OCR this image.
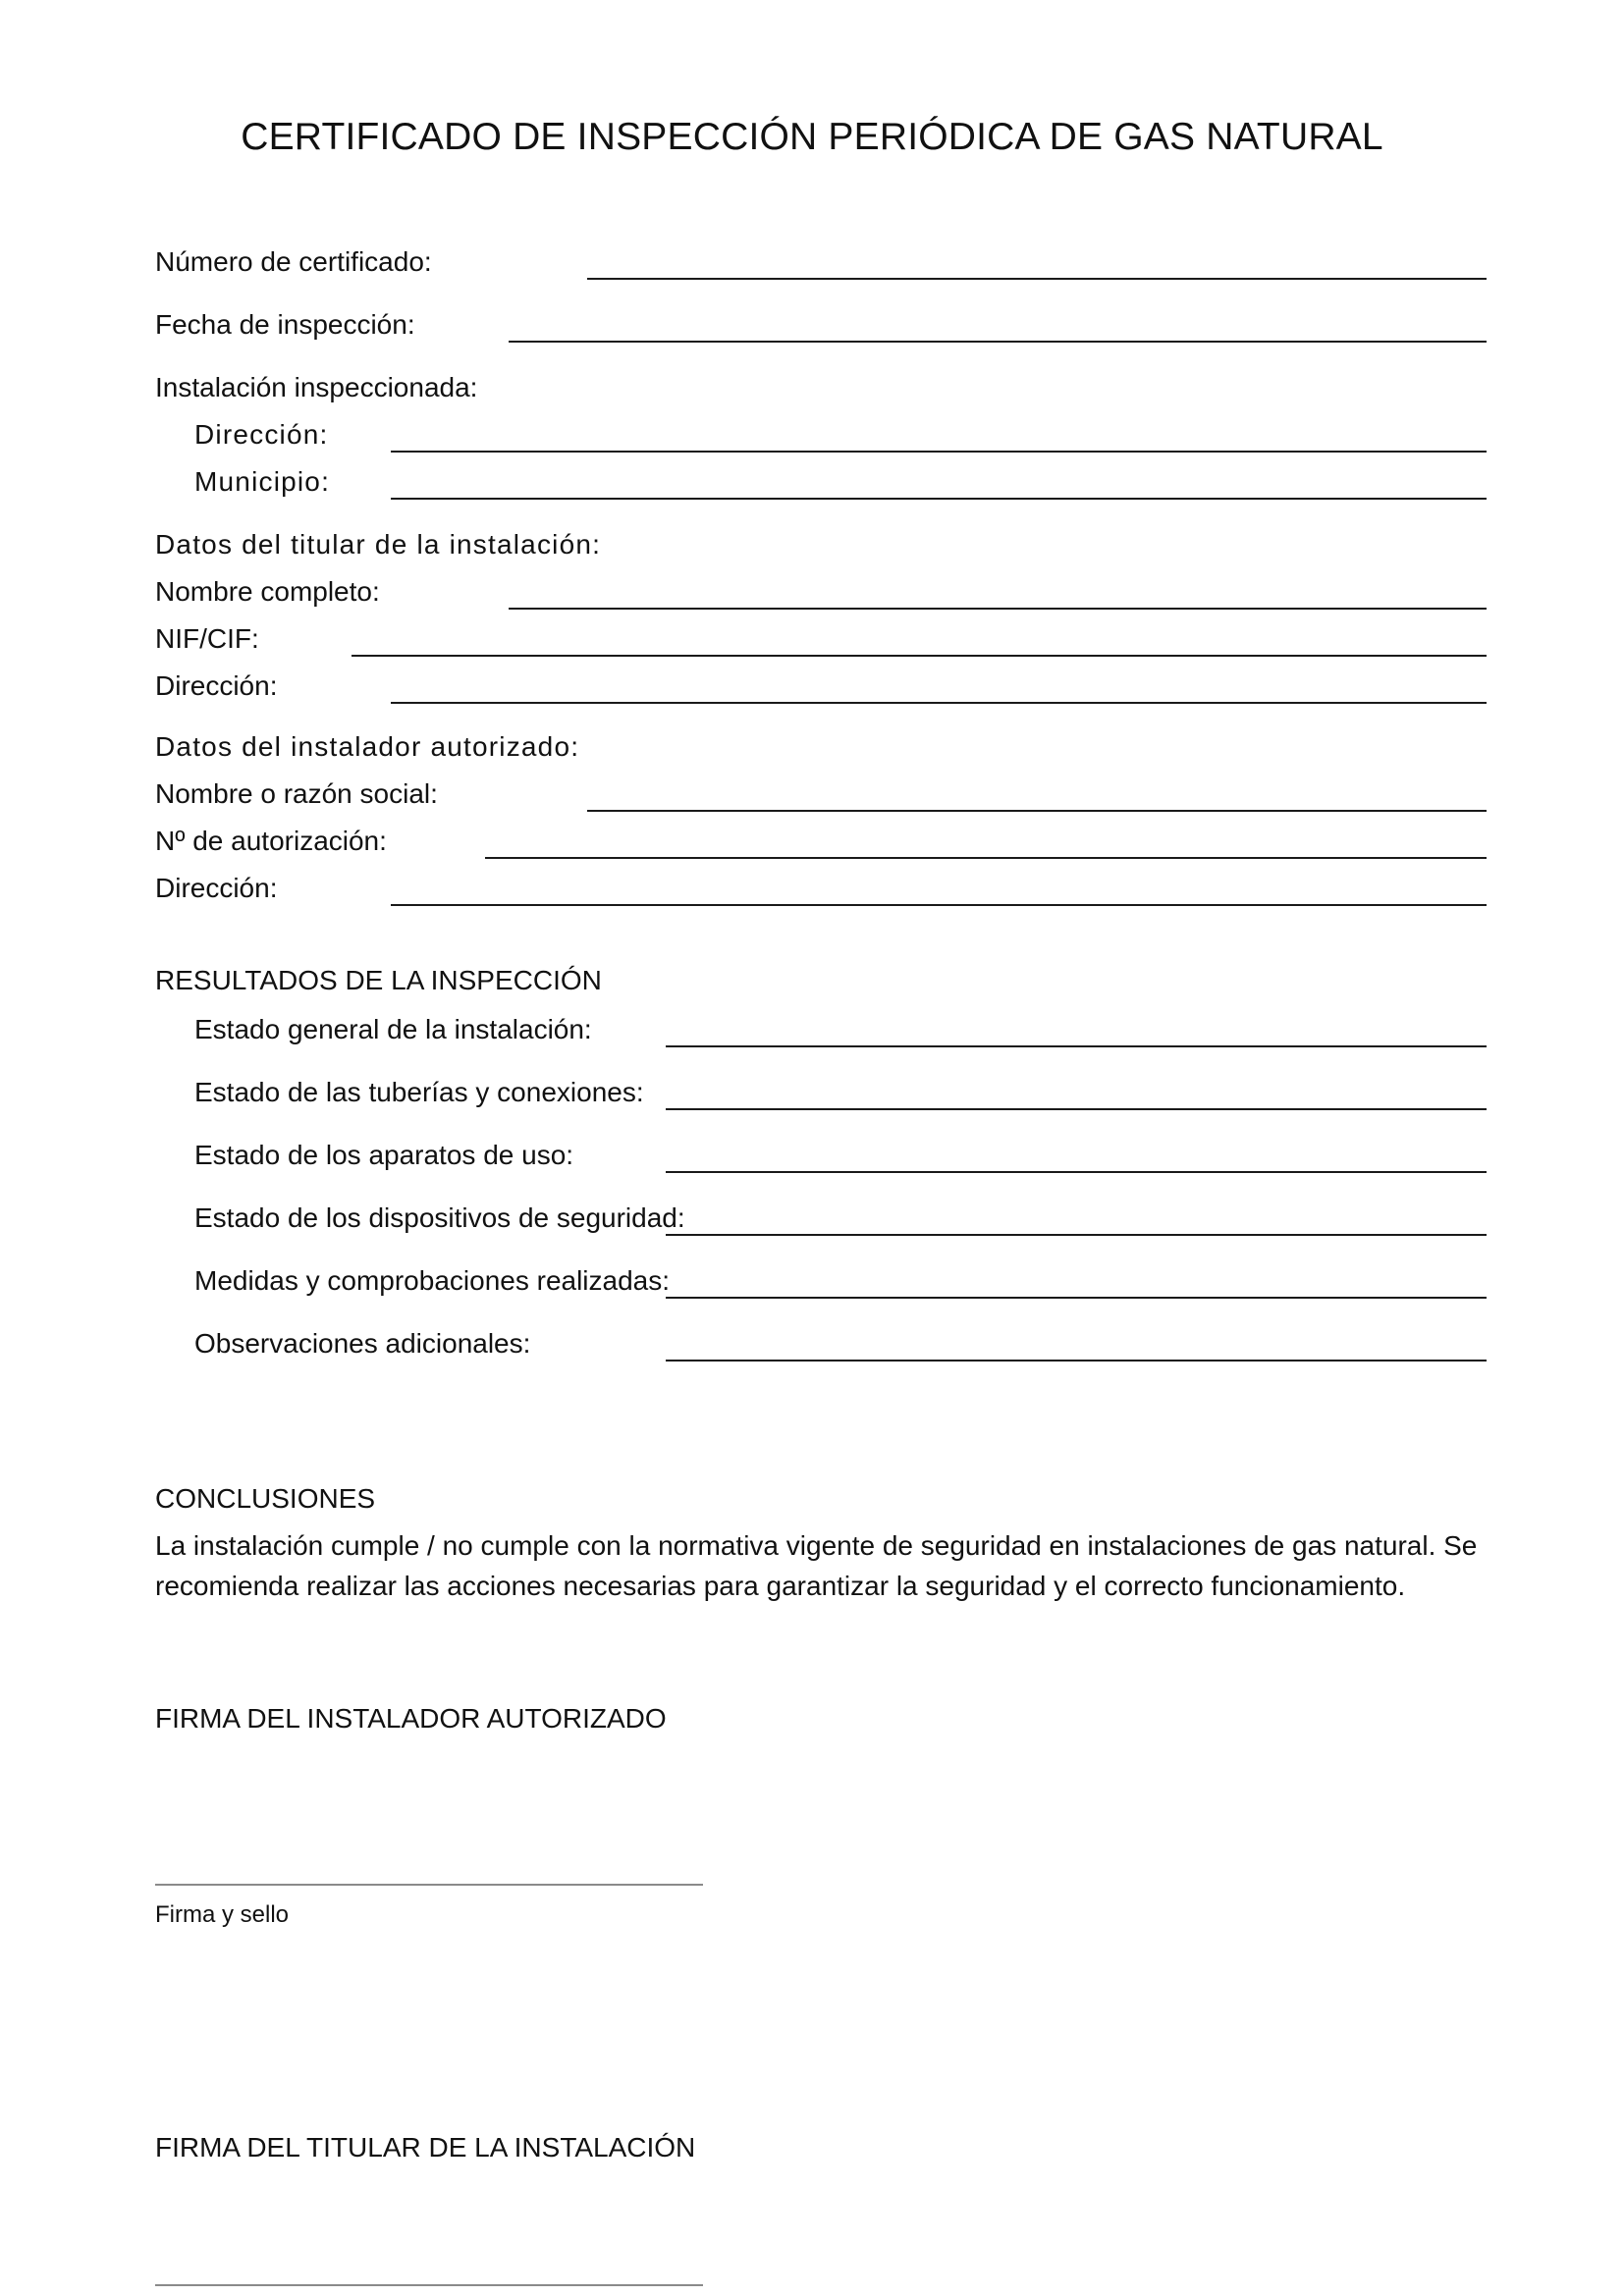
CERTIFICADO DE INSPECCIÓN PERIÓDICA DE GAS NATURAL
Número de certificado:
Fecha de inspección:
Instalación inspeccionada:
Dirección:
Municipio:
Datos del titular de la instalación:
Nombre completo:
NIF/CIF:
Dirección:
Datos del instalador autorizado:
Nombre o razón social:
Nº de autorización:
Dirección:
RESULTADOS DE LA INSPECCIÓN
Estado general de la instalación:
Estado de las tuberías y conexiones:
Estado de los aparatos de uso:
Estado de los dispositivos de seguridad:
Medidas y comprobaciones realizadas:
Observaciones adicionales:
CONCLUSIONES
La instalación cumple / no cumple con la normativa vigente de seguridad en instalaciones de gas natural. Se recomienda realizar las acciones necesarias para garantizar la seguridad y el correcto funcionamiento.
FIRMA DEL INSTALADOR AUTORIZADO
Firma y sello
FIRMA DEL TITULAR DE LA INSTALACIÓN
